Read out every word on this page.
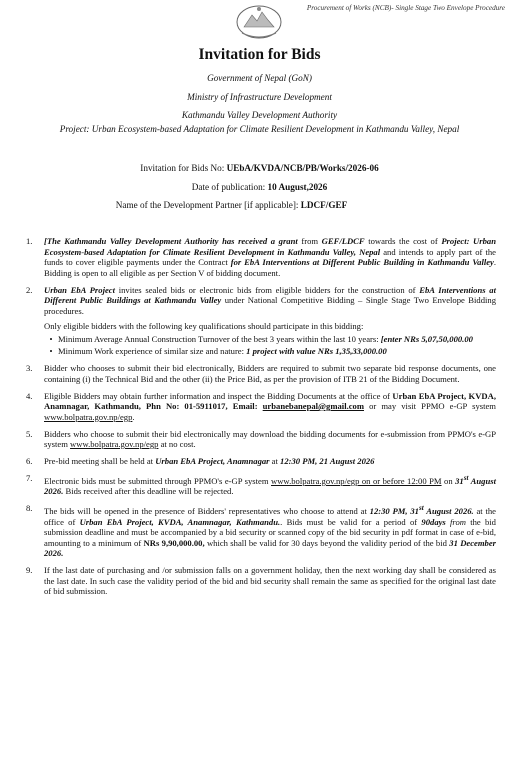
Procurement of Works (NCB)- Single Stage Two Envelope Procedure
Invitation for Bids
Government of Nepal (GoN)
Ministry of Infrastructure Development
Kathmandu Valley Development Authority
Project: Urban Ecosystem-based Adaptation for Climate Resilient Development in Kathmandu Valley, Nepal
Invitation for Bids No: UEbA/KVDA/NCB/PB/Works/2026-06
Date of publication: 10 August,2026
Name of the Development Partner [if applicable]: LDCF/GEF
1.	[The Kathmandu Valley Development Authority has received a grant from GEF/LDCF towards the cost of Project: Urban Ecosystem-based Adaptation for Climate Resilient Development in Kathmandu Valley, Nepal and intends to apply part of the funds to cover eligible payments under the Contract for EbA Interventions at Different Public Building in Kathmandu Valley. Bidding is open to all eligible as per Section V of bidding document.
2.	Urban EbA Project invites sealed bids or electronic bids from eligible bidders for the construction of EbA Interventions at Different Public Buildings at Kathmandu Valley under National Competitive Bidding – Single Stage Two Envelope Bidding procedures.
Only eligible bidders with the following key qualifications should participate in this bidding:
• Minimum Average Annual Construction Turnover of the best 3 years within the last 10 years: [enter NRs 5,07,50,000.00
• Minimum Work experience of similar size and nature: 1 project with value NRs 1,35,33,000.00
3.	Bidder who chooses to submit their bid electronically, Bidders are required to submit two separate bid response documents, one containing (i) the Technical Bid and the other (ii) the Price Bid, as per the provision of ITB 21 of the Bidding Document.
4.	Eligible Bidders may obtain further information and inspect the Bidding Documents at the office of Urban EbA Project, KVDA, Anamnagar, Kathmandu, Phn No: 01-5911017, Email: urbanebanepal@gmail.com or may visit PPMO e-GP system www.bolpatra.gov.np/egp.
5.	Bidders who choose to submit their bid electronically may download the bidding documents for e-submission from PPMO's e-GP system www.bolpatra.gov.np/egp at no cost.
6.	Pre-bid meeting shall be held at Urban EbA Project, Anamnagar at 12:30 PM, 21 August 2026
7.	Electronic bids must be submitted through PPMO's e-GP system www.bolpatra.gov.np/egp on or before 12:00 PM on 31st August 2026. Bids received after this deadline will be rejected.
8.	The bids will be opened in the presence of Bidders' representatives who choose to attend at 12:30 PM, 31st August 2026. at the office of Urban EbA Project, KVDA, Anamnagar, Kathmandu.. Bids must be valid for a period of 90days from the bid submission deadline and must be accompanied by a bid security or scanned copy of the bid security in pdf format in case of e-bid, amounting to a minimum of NRs 9,90,000.00, which shall be valid for 30 days beyond the validity period of the bid 31 December 2026.
9.	If the last date of purchasing and /or submission falls on a government holiday, then the next working day shall be considered as the last date. In such case the validity period of the bid and bid security shall remain the same as specified for the original last date of bid submission.
